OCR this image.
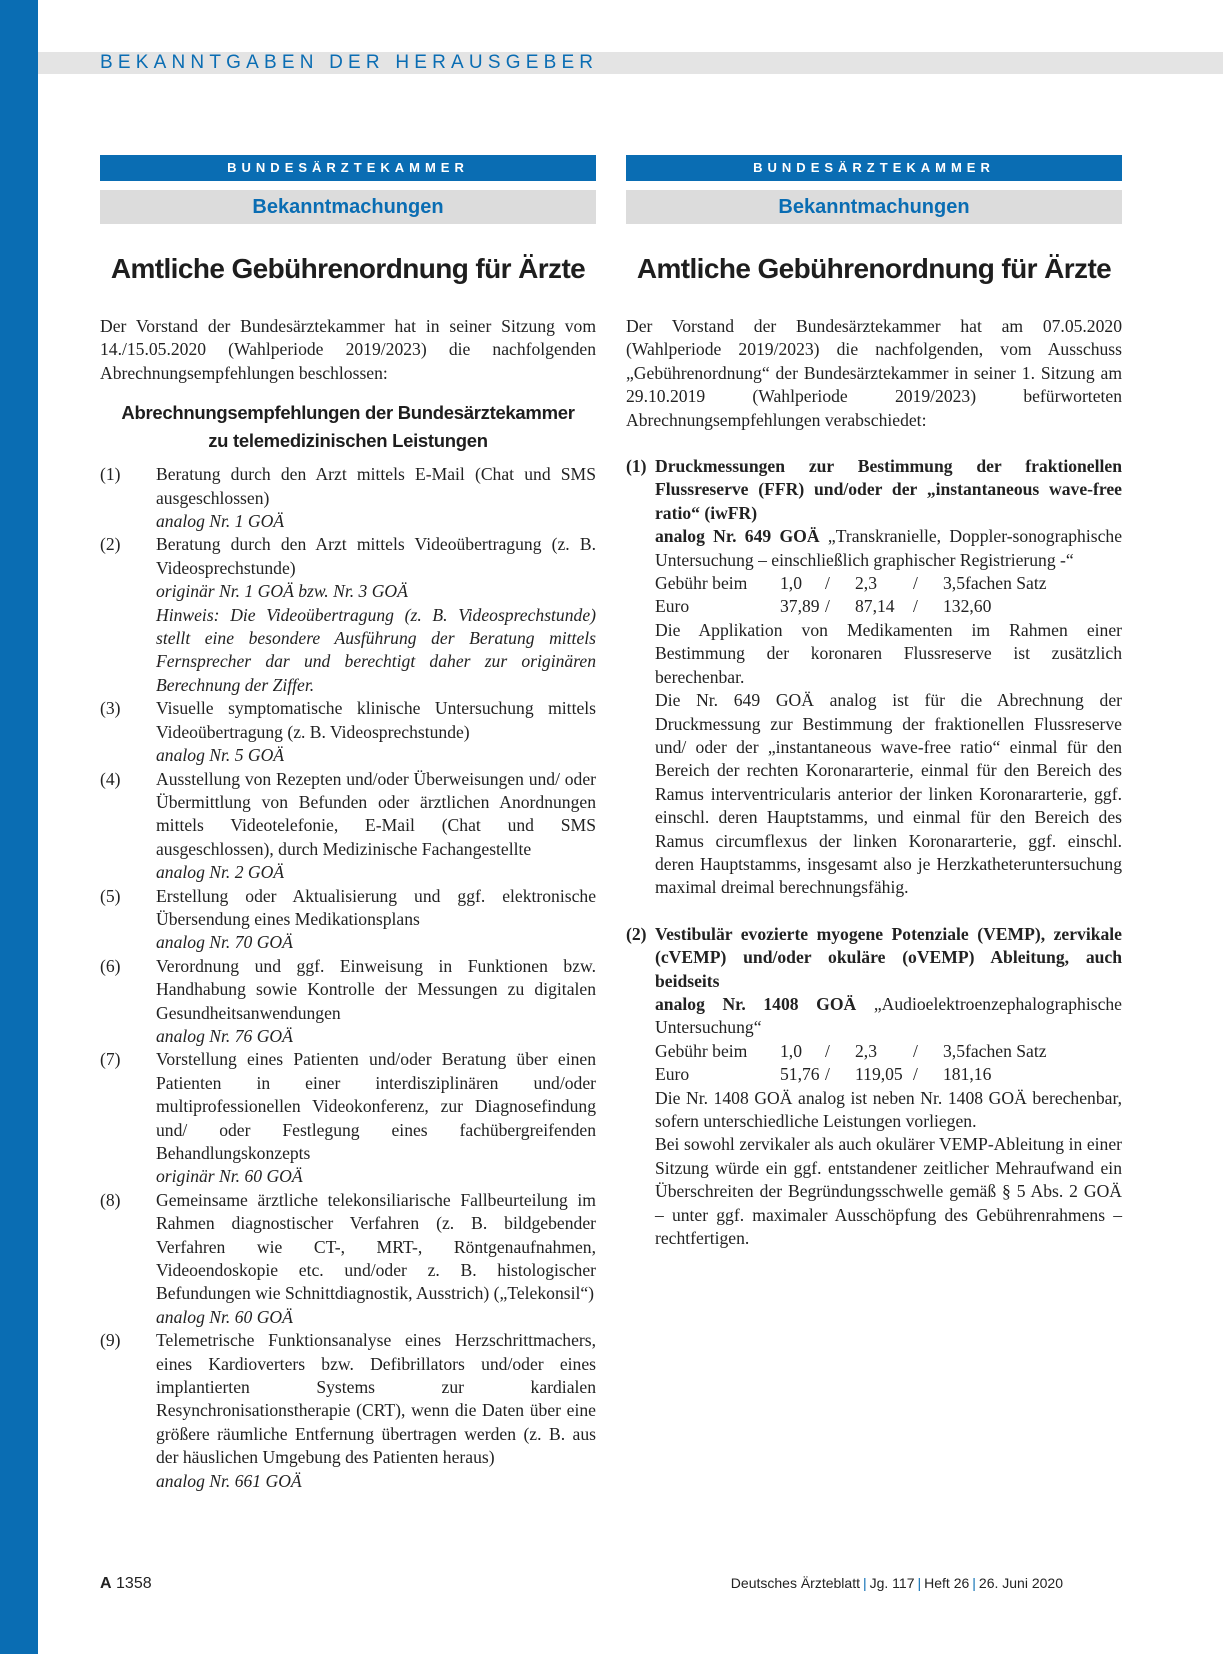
BEKANNTGABEN DER HERAUSGEBER
BUNDESÄRZTEKAMMER
Bekanntmachungen
Amtliche Gebührenordnung für Ärzte

Der Vorstand der Bundesärztekammer hat in seiner Sitzung vom 14./15.05.2020 (Wahlperiode 2019/2023) die nachfolgenden Abrechnungsempfehlungen beschlossen:

Abrechnungsempfehlungen der Bundesärztekammer
zu telemedizinischen Leistungen
(1)	Beratung durch den Arzt mittels E-Mail (Chat und SMS ausgeschlossen)
analog Nr. 1 GOÄ
(2)	Beratung durch den Arzt mittels Videoübertragung (z. B. Videosprechstunde)
originär Nr. 1 GOÄ bzw. Nr. 3 GOÄ
Hinweis: Die Videoübertragung (z. B. Videosprechstunde) stellt eine besondere Ausführung der Beratung mittels Fernsprecher dar und berechtigt daher zur originären Berechnung der Ziffer.
(3)	Visuelle symptomatische klinische Untersuchung mittels Videoübertragung (z. B. Videosprechstunde)
analog Nr. 5 GOÄ
(4)	Ausstellung von Rezepten und/oder Überweisungen und/ oder Übermittlung von Befunden oder ärztlichen Anordnungen mittels Videotelefonie, E-Mail (Chat und SMS ausgeschlossen), durch Medizinische Fachangestellte
analog Nr. 2 GOÄ
(5)	Erstellung oder Aktualisierung und ggf. elektronische Übersendung eines Medikationsplans
analog Nr. 70 GOÄ
(6)	Verordnung und ggf. Einweisung in Funktionen bzw. Handhabung sowie Kontrolle der Messungen zu digitalen Gesundheitsanwendungen
analog Nr. 76 GOÄ
(7)	Vorstellung eines Patienten und/oder Beratung über einen Patienten in einer interdisziplinären und/oder multiprofessionellen Videokonferenz, zur Diagnosefindung und/ oder Festlegung eines fachübergreifenden Behandlungskonzepts
originär Nr. 60 GOÄ
(8)	Gemeinsame ärztliche telekonsiliarische Fallbeurteilung im Rahmen diagnostischer Verfahren (z. B. bildgebender Verfahren wie CT-, MRT-, Röntgenaufnahmen, Videoendoskopie etc. und/oder z. B. histologischer Befundungen wie Schnittdiagnostik, Ausstrich) („Telekonsil“)
analog Nr. 60 GOÄ
(9)	Telemetrische Funktionsanalyse eines Herzschrittmachers, eines Kardioverters bzw. Defibrillators und/oder eines implantierten Systems zur kardialen Resynchronisationstherapie (CRT), wenn die Daten über eine größere räumliche Entfernung übertragen werden (z. B. aus der häuslichen Umgebung des Patienten heraus)
analog Nr. 661 GOÄ
BUNDESÄRZTEKAMMER
Bekanntmachungen
Amtliche Gebührenordnung für Ärzte

Der Vorstand der Bundesärztekammer hat am 07.05.2020 (Wahlperiode 2019/2023) die nachfolgenden, vom Ausschuss „Gebührenordnung“ der Bundesärztekammer in seiner 1. Sitzung am 29.10.2019 (Wahlperiode 2019/2023) befürworteten Abrechnungsempfehlungen verabschiedet:

(1) Druckmessungen zur Bestimmung der fraktionellen Flussreserve (FFR) und/oder der „instantaneous wave-free ratio“ (iwFR)
analog Nr. 649 GOÄ „Transkranielle, Doppler-sonographische Untersuchung – einschließlich graphischer Registrierung -“
Gebühr beim	1,0	/	2,3	/	3,5fachen Satz
Euro	37,89 /	87,14	/	132,60

Die Applikation von Medikamenten im Rahmen einer Bestimmung der koronaren Flussreserve ist zusätzlich berechenbar.

Die Nr. 649 GOÄ analog ist für die Abrechnung der Druckmessung zur Bestimmung der fraktionellen Flussreserve und/ oder der „instantaneous wave-free ratio“ einmal für den Bereich der rechten Koronararterie, einmal für den Bereich des Ramus interventricularis anterior der linken Koronararterie, ggf. einschl. deren Hauptstamms, und einmal für den Bereich des Ramus circumflexus der linken Koronararterie, ggf. einschl. deren Hauptstamms, insgesamt also je Herzkatheteruntersuchung maximal dreimal berechnungsfähig.

(2) Vestibulär evozierte myogene Potenziale (VEMP), zervikale (cVEMP) und/oder okuläre (oVEMP) Ableitung, auch beidseits
analog Nr. 1408 GOÄ „Audioelektroenzephalographische Untersuchung“
Gebühr beim	1,0	/	2,3	/	3,5fachen Satz
Euro	51,76 /	119,05 /	181,16

Die Nr. 1408 GOÄ analog ist neben Nr. 1408 GOÄ berechenbar, sofern unterschiedliche Leistungen vorliegen.

Bei sowohl zervikaler als auch okulärer VEMP-Ableitung in einer Sitzung würde ein ggf. entstandener zeitlicher Mehraufwand ein Überschreiten der Begründungsschwelle gemäß § 5 Abs. 2 GOÄ – unter ggf. maximaler Ausschöpfung des Gebührenrahmens – rechtfertigen.

A 1358	Deutsches Ärzteblatt | Jg. 117 | Heft 26 | 26. Juni 2020
